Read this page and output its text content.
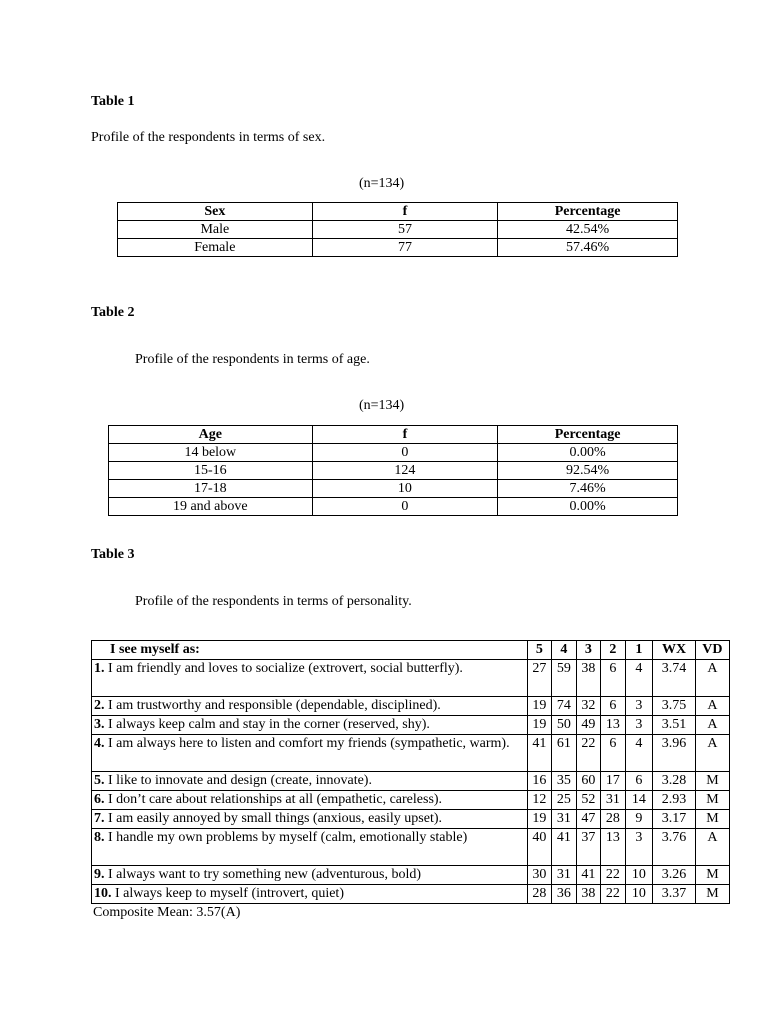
Table 1
Profile of the respondents in terms of sex.
(n=134)
Sex	f	Percentage
Male	57	42.54%
Female	77	57.46%
Table 2
Profile of the respondents in terms of age.
(n=134)
Age	f	Percentage
14 below	0	0.00%
15-16	124	92.54%
17-18	10	7.46%
19 and above	0	0.00%
Table 3
Profile of the respondents in terms of personality.
I see myself as:	5	4	3	2	1	WX	VD
1. I am friendly and loves to socialize (extrovert, social butterfly).	27	59	38	6	4	3.74	A
2. I am trustworthy and responsible (dependable, disciplined).	19	74	32	6	3	3.75	A
3. I always keep calm and stay in the corner (reserved, shy).	19	50	49	13	3	3.51	A
4. I am always here to listen and comfort my friends (sympathetic, warm).	41	61	22	6	4	3.96	A
5. I like to innovate and design (create, innovate).	16	35	60	17	6	3.28	M
6. I don’t care about relationships at all (empathetic, careless).	12	25	52	31	14	2.93	M
7. I am easily annoyed by small things (anxious, easily upset).	19	31	47	28	9	3.17	M
8. I handle my own problems by myself (calm, emotionally stable)	40	41	37	13	3	3.76	A
9. I always want to try something new (adventurous, bold)	30	31	41	22	10	3.26	M
10. I always keep to myself (introvert, quiet)	28	36	38	22	10	3.37	M
Composite Mean: 3.57(A)
